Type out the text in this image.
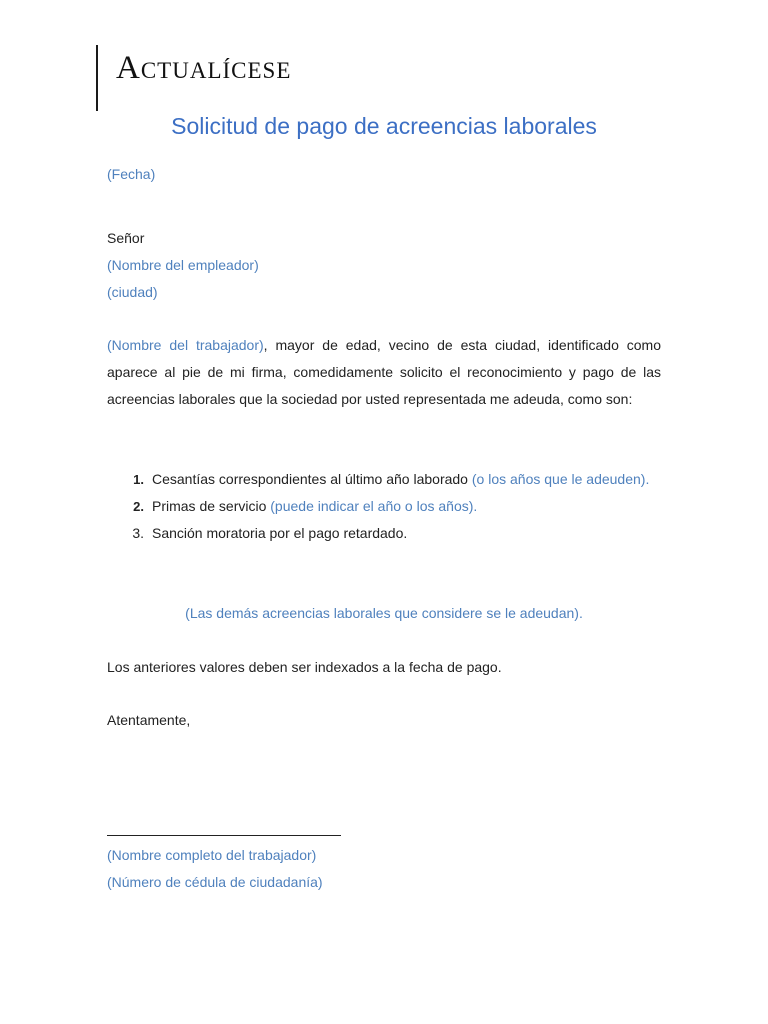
Actualícese
Solicitud de pago de acreencias laborales
(Fecha)
Señor
(Nombre del empleador)
(ciudad)
(Nombre del trabajador), mayor de edad, vecino de esta ciudad, identificado como aparece al pie de mi firma, comedidamente solicito el reconocimiento y pago de las acreencias laborales que la sociedad por usted representada me adeuda, como son:
1. Cesantías correspondientes al último año laborado (o los años que le adeuden).
2. Primas de servicio (puede indicar el año o los años).
3. Sanción moratoria por el pago retardado.
(Las demás acreencias laborales que considere se le adeudan).
Los anteriores valores deben ser indexados a la fecha de pago.
Atentamente,
(Nombre completo del trabajador)
(Número de cédula de ciudadanía)
